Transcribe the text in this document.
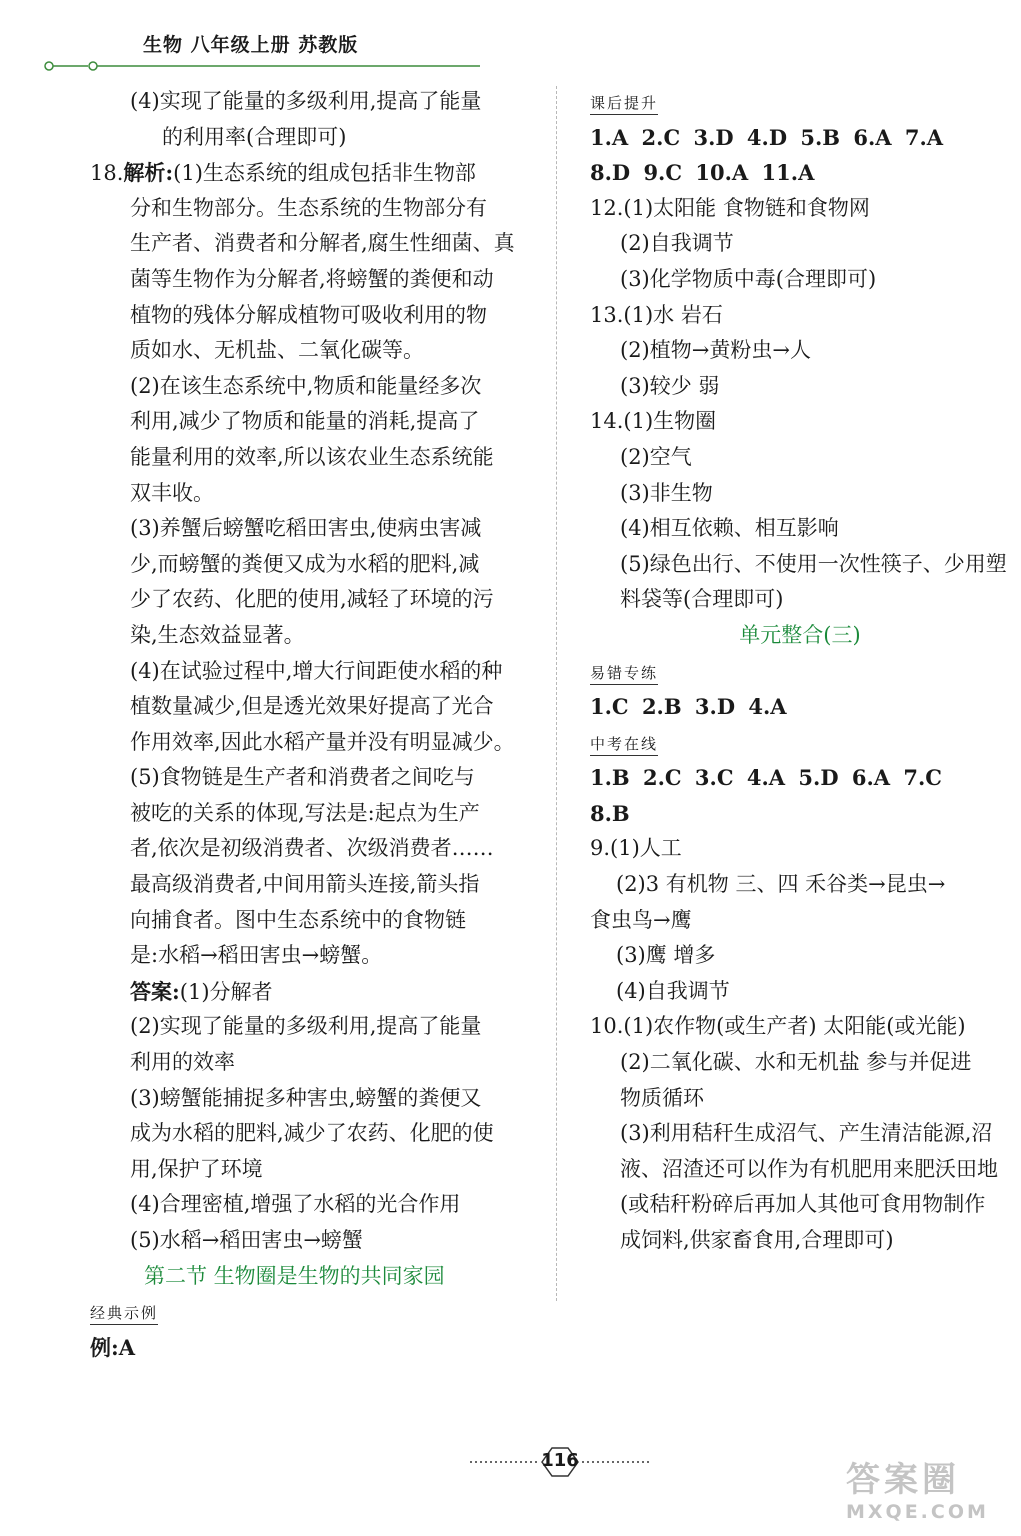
生物 八年级上册 苏教版
(4)实现了能量的多级利用,提高了能量
的利用率(合理即可)
18.解析:(1)生态系统的组成包括非生物部
分和生物部分。生态系统的生物部分有
生产者、消费者和分解者,腐生性细菌、真
菌等生物作为分解者,将螃蟹的粪便和动
植物的残体分解成植物可吸收利用的物
质如水、无机盐、二氧化碳等。
(2)在该生态系统中,物质和能量经多次
利用,减少了物质和能量的消耗,提高了
能量利用的效率,所以该农业生态系统能
双丰收。
(3)养蟹后螃蟹吃稻田害虫,使病虫害减
少,而螃蟹的粪便又成为水稻的肥料,减
少了农药、化肥的使用,减轻了环境的污
染,生态效益显著。
(4)在试验过程中,增大行间距使水稻的种
植数量减少,但是透光效果好提高了光合
作用效率,因此水稻产量并没有明显减少。
(5)食物链是生产者和消费者之间吃与
被吃的关系的体现,写法是:起点为生产
者,依次是初级消费者、次级消费者……
最高级消费者,中间用箭头连接,箭头指
向捕食者。图中生态系统中的食物链
是:水稻→稻田害虫→螃蟹。
答案:(1)分解者
(2)实现了能量的多级利用,提高了能量
利用的效率
(3)螃蟹能捕捉多种害虫,螃蟹的粪便又
成为水稻的肥料,减少了农药、化肥的使
用,保护了环境
(4)合理密植,增强了水稻的光合作用
(5)水稻→稻田害虫→螃蟹
第二节 生物圈是生物的共同家园
经典示例
例:A
课后提升
1.A 2.C 3.D 4.D 5.B 6.A 7.A
8.D 9.C 10.A 11.A
12.(1)太阳能 食物链和食物网
(2)自我调节
(3)化学物质中毒(合理即可)
13.(1)水 岩石
(2)植物→黄粉虫→人
(3)较少 弱
14.(1)生物圈
(2)空气
(3)非生物
(4)相互依赖、相互影响
(5)绿色出行、不使用一次性筷子、少用塑
料袋等(合理即可)
单元整合(三)
易错专练
1.C 2.B 3.D 4.A
中考在线
1.B 2.C 3.C 4.A 5.D 6.A 7.C
8.B
9.(1)人工
(2)3 有机物 三、四 禾谷类→昆虫→
食虫鸟→鹰
(3)鹰 增多
(4)自我调节
10.(1)农作物(或生产者) 太阳能(或光能)
(2)二氧化碳、水和无机盐 参与并促进
物质循环
(3)利用秸秆生成沼气、产生清洁能源,沼
液、沼渣还可以作为有机肥用来肥沃田地
(或秸秆粉碎后再加人其他可食用物制作
成饲料,供家畜食用,合理即可)
116	答案圈
MXQE.COM
